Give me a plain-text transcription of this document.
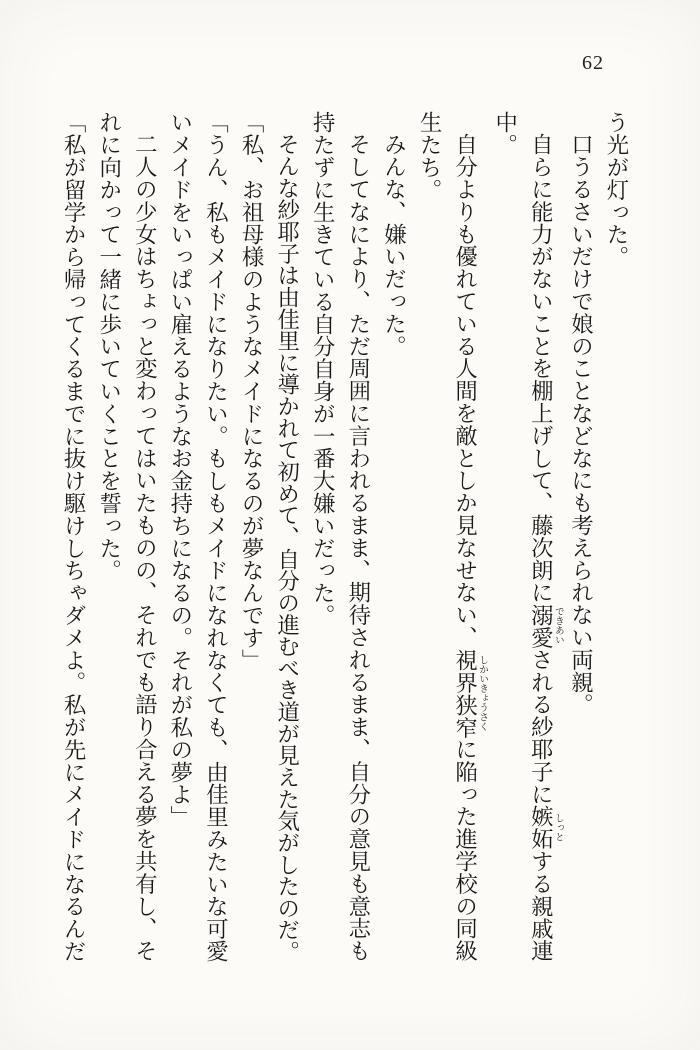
62

う光が灯った。

口うるさいだけで娘のことなどなにも考えられない両親。

自らに能力がないことを棚上げして、藤次朗に溺愛 できあいされる紗耶子に嫉妬 しっとする親戚連中。

自分よりも優れている人間を敵としか見なせない、視界狭窄 しかいきょうさくに陥った進学校の同級生たち。

みんな、嫌いだった。

そしてなにより、ただ周囲に言われるまま、期待されるまま、自分の意見も意志も持たずに生きている自分自身が一番大嫌いだった。

そんな紗耶子は由佳里に導かれて初めて、自分の進むべき道が見えた気がしたのだ。

「私、お祖母様のようなメイドになるのが夢なんです」

「うん、私もメイドになりたい。もしもメイドになれなくても、由佳里みたいな可愛いメイドをいっぱい雇えるようなお金持ちになるの。それが私の夢よ」

二人の少女はちょっと変わってはいたものの、それでも語り合える夢を共有し、それに向かって一緒に歩いていくことを誓った。

「私が留学から帰ってくるまでに抜け駆けしちゃダメよ。私が先にメイドになるんだ
